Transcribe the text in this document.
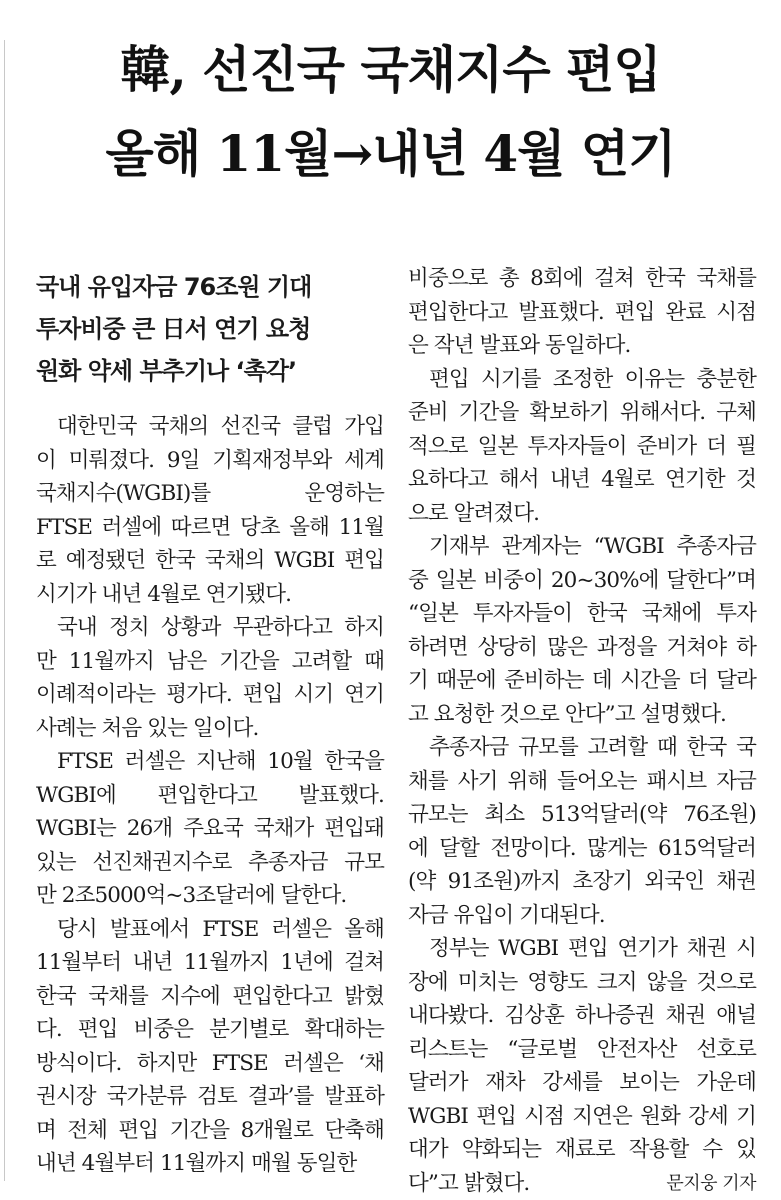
韓, 선진국 국채지수 편입
올해 11월→내년 4월 연기
국내 유입자금 76조원 기대
투자비중 큰 日서 연기 요청
원화 약세 부추기나 ‘촉각’

대한민국 국채의 선진국 클럽 가입
이 미뤄졌다. 9일 기획재정부와 세계
국채지수(WGBI)를 운영하는
FTSE 러셀에 따르면 당초 올해 11월
로 예정됐던 한국 국채의 WGBI 편입
시기가 내년 4월로 연기됐다.

국내 정치 상황과 무관하다고 하지
만 11월까지 남은 기간을 고려할 때
이례적이라는 평가다. 편입 시기 연기
사례는 처음 있는 일이다.

FTSE 러셀은 지난해 10월 한국을
WGBI에 편입한다고 발표했다.
WGBI는 26개 주요국 국채가 편입돼
있는 선진채권지수로 추종자금 규모
만 2조5000억~3조달러에 달한다.

당시 발표에서 FTSE 러셀은 올해
11월부터 내년 11월까지 1년에 걸쳐
한국 국채를 지수에 편입한다고 밝혔
다. 편입 비중은 분기별로 확대하는
방식이다. 하지만 FTSE 러셀은 ‘채
권시장 국가분류 검토 결과’를 발표하
며 전체 편입 기간을 8개월로 단축해
내년 4월부터 11월까지 매월 동일한

비중으로 총 8회에 걸쳐 한국 국채를
편입한다고 발표했다. 편입 완료 시점
은 작년 발표와 동일하다.

편입 시기를 조정한 이유는 충분한
준비 기간을 확보하기 위해서다. 구체
적으로 일본 투자자들이 준비가 더 필
요하다고 해서 내년 4월로 연기한 것
으로 알려졌다.

기재부 관계자는 “WGBI 추종자금
중 일본 비중이 20~30%에 달한다”며
“일본 투자자들이 한국 국채에 투자
하려면 상당히 많은 과정을 거쳐야 하
기 때문에 준비하는 데 시간을 더 달라
고 요청한 것으로 안다”고 설명했다.

추종자금 규모를 고려할 때 한국 국
채를 사기 위해 들어오는 패시브 자금
규모는 최소 513억달러(약 76조원)
에 달할 전망이다. 많게는 615억달러
(약 91조원)까지 초장기 외국인 채권
자금 유입이 기대된다.

정부는 WGBI 편입 연기가 채권 시
장에 미치는 영향도 크지 않을 것으로
내다봤다. 김상훈 하나증권 채권 애널
리스트는 “글로벌 안전자산 선호로
달러가 재차 강세를 보이는 가운데
WGBI 편입 시점 지연은 원화 강세 기
대가 약화되는 재료로 작용할 수 있
다”고 밝혔다.	문지웅 기자
